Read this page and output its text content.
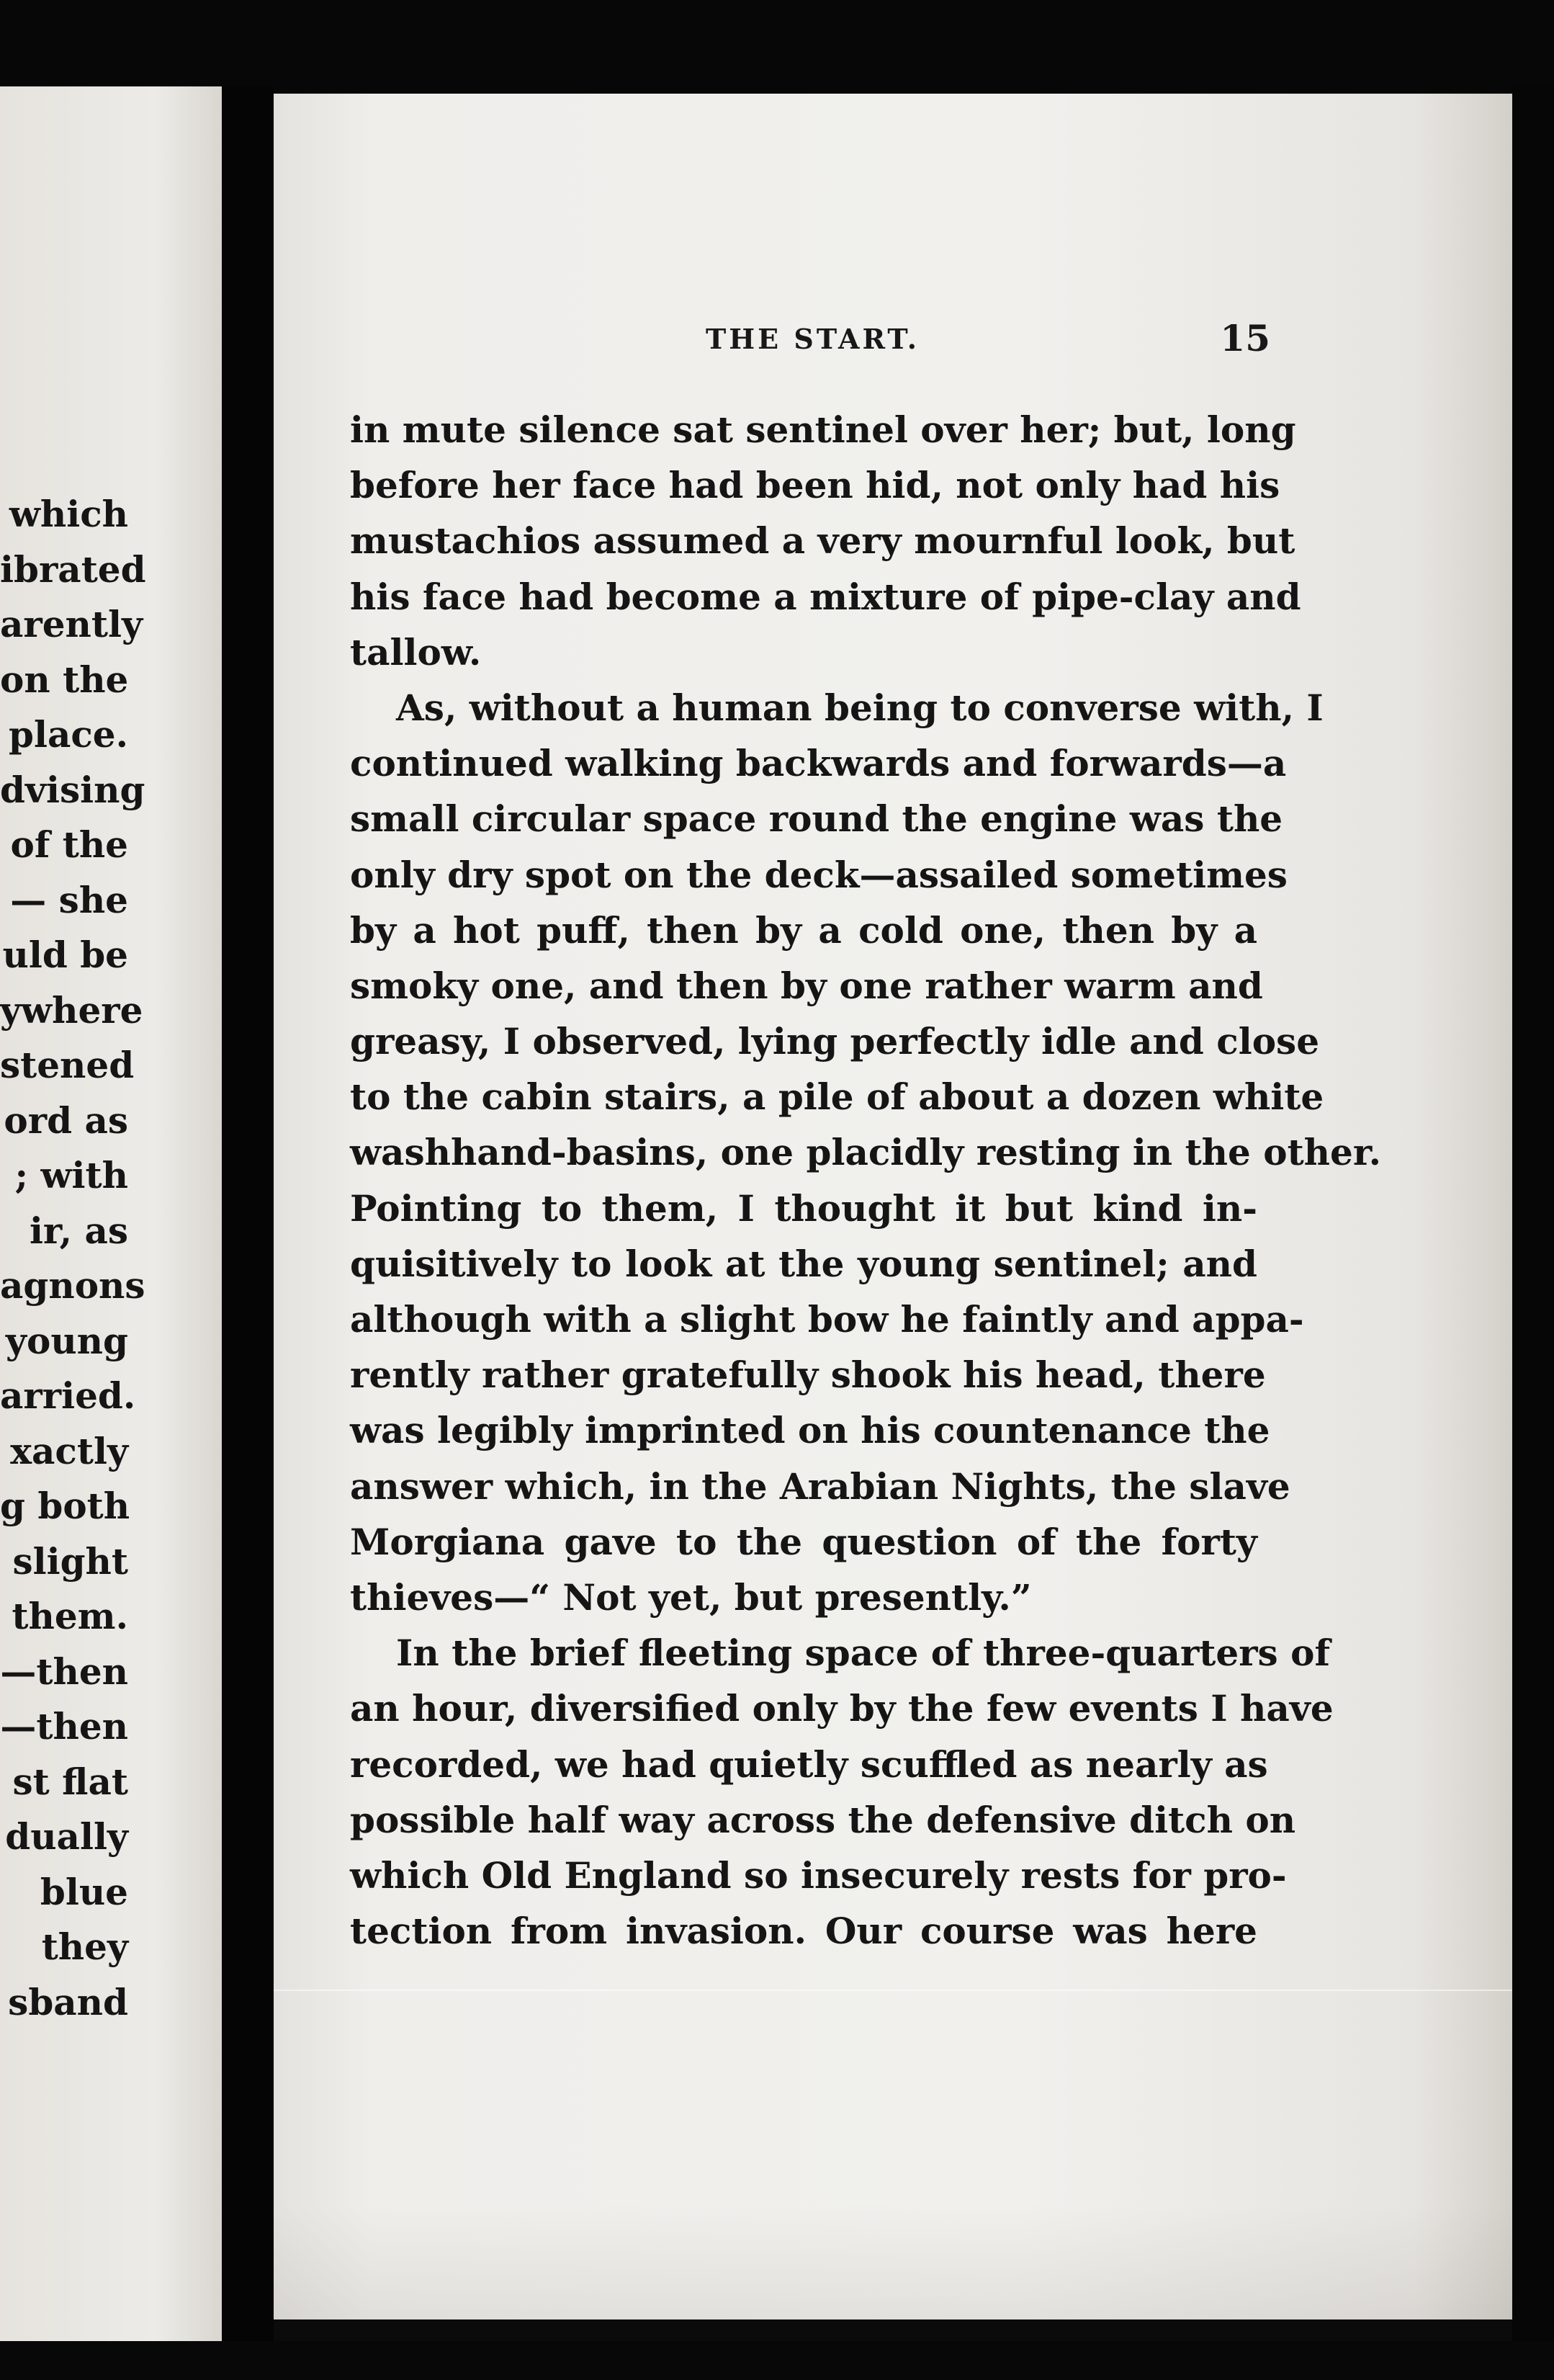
which
ibrated
arently
on the
place.
dvising
of the
— she
uld be
ywhere
stened
ord as
; with
ir, as
agnons
young
arried.
xactly
g both
slight
them.
—then
—then
st flat
dually
blue
they
sband
THE START.	15
in mute silence sat sentinel over her; but, long
before her face had been hid, not only had his
mustachios assumed a very mournful look, but
his face had become a mixture of pipe-clay and
tallow.
As, without a human being to converse with, I
continued walking backwards and forwards—a
small circular space round the engine was the
only dry spot on the deck—assailed sometimes
by a hot puff, then by a cold one, then by a
smoky one, and then by one rather warm and
greasy, I observed, lying perfectly idle and close
to the cabin stairs, a pile of about a dozen white
washhand-basins, one placidly resting in the other.
Pointing to them, I thought it but kind in-
quisitively to look at the young sentinel; and
although with a slight bow he faintly and appa-
rently rather gratefully shook his head, there
was legibly imprinted on his countenance the
answer which, in the Arabian Nights, the slave
Morgiana gave to the question of the forty
thieves—“ Not yet, but presently.”
In the brief fleeting space of three-quarters of
an hour, diversified only by the few events I have
recorded, we had quietly scuffled as nearly as
possible half way across the defensive ditch on
which Old England so insecurely rests for pro-
tection from invasion. Our course was here
